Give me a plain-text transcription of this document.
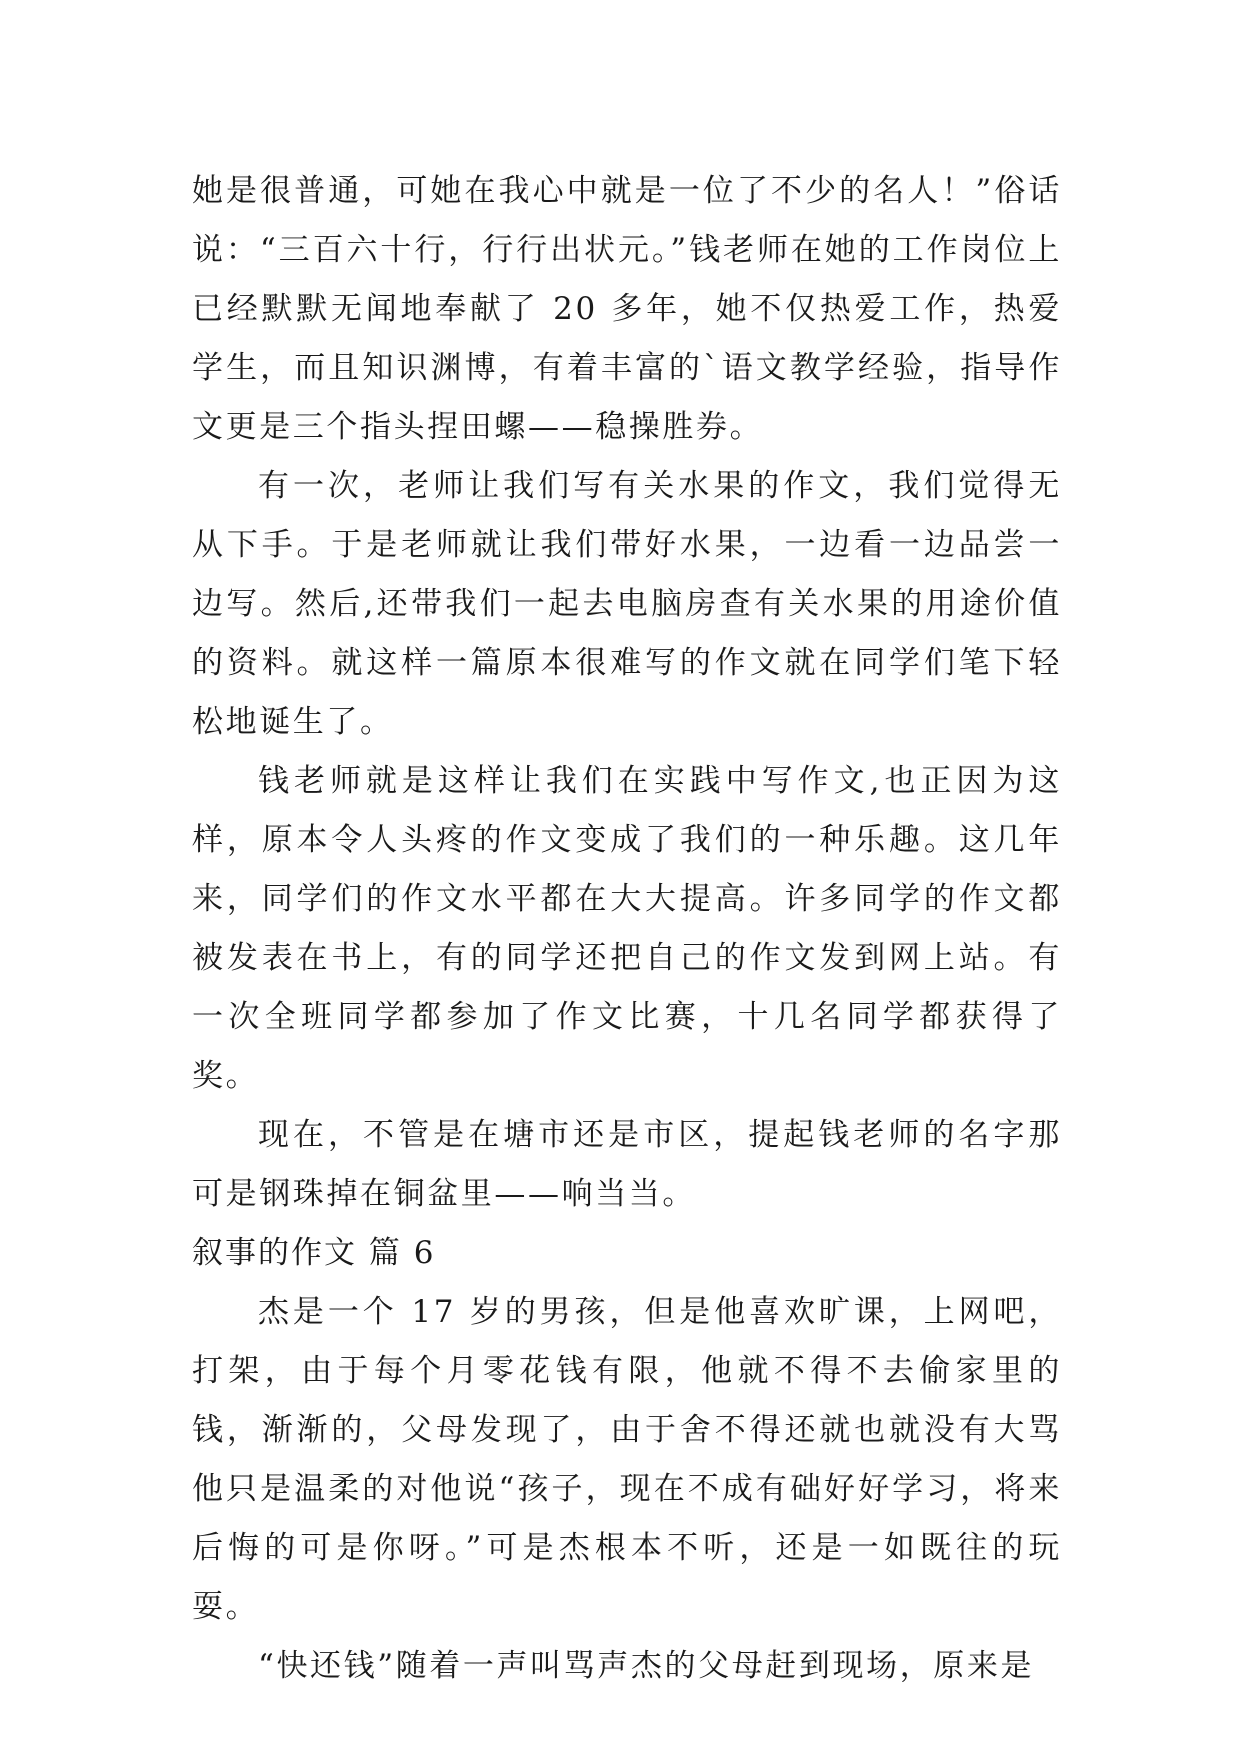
她是很普通，可她在我心中就是一位了不少的名人！”俗话说：“三百六十行，行行出状元。”钱老师在她的工作岗位上已经默默无闻地奉献了 20 多年，她不仅热爱工作，热爱学生，而且知识渊博，有着丰富的`语文教学经验，指导作文更是三个指头捏田螺——稳操胜券。

有一次，老师让我们写有关水果的作文，我们觉得无从下手。于是老师就让我们带好水果，一边看一边品尝一边写。然后,还带我们一起去电脑房查有关水果的用途价值的资料。就这样一篇原本很难写的作文就在同学们笔下轻松地诞生了。

钱老师就是这样让我们在实践中写作文,也正因为这样，原本令人头疼的作文变成了我们的一种乐趣。这几年来，同学们的作文水平都在大大提高。许多同学的作文都被发表在书上，有的同学还把自己的作文发到网上站。有一次全班同学都参加了作文比赛，十几名同学都获得了奖。

现在，不管是在塘市还是市区，提起钱老师的名字那可是钢珠掉在铜盆里——响当当。

叙事的作文 篇 6

杰是一个 17 岁的男孩，但是他喜欢旷课，上网吧，打架，由于每个月零花钱有限，他就不得不去偷家里的钱，渐渐的，父母发现了，由于舍不得还就也就没有大骂他只是温柔的对他说“孩子，现在不成有础好好学习，将来后悔的可是你呀。”可是杰根本不听，还是一如既往的玩耍。

“快还钱”随着一声叫骂声杰的父母赶到现场，原来是
